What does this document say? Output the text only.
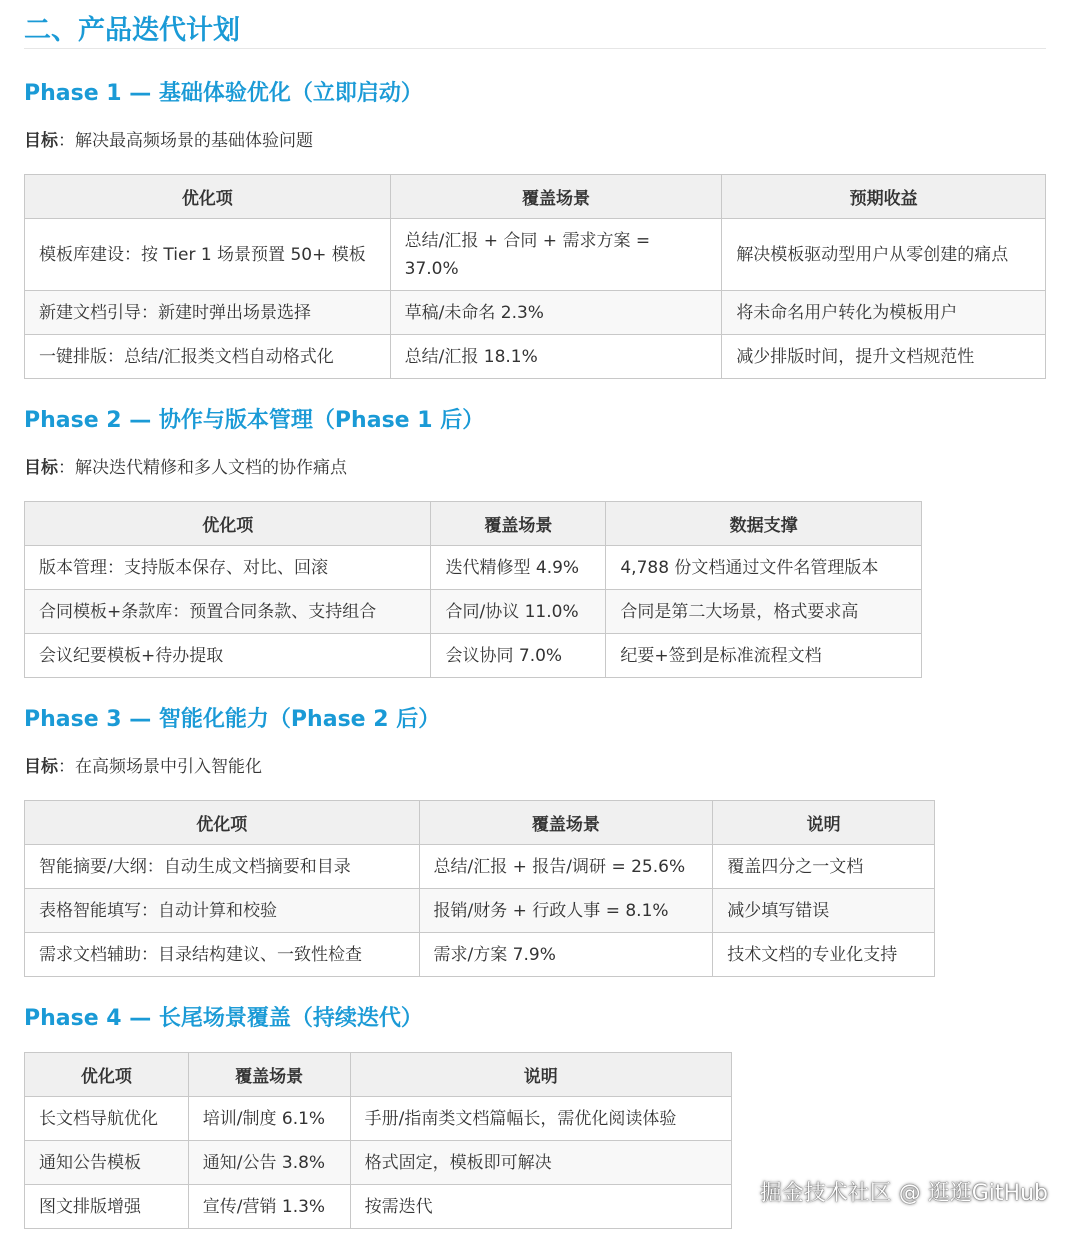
二、产品迭代计划
Phase 1 — 基础体验优化（立即启动）

目标：解决最高频场景的基础体验问题

优化项	覆盖场景	预期收益
模板库建设：按 Tier 1 场景预置 50+ 模板	总结/汇报 + 合同 + 需求方案 = 37.0%	解决模板驱动型用户从零创建的痛点
新建文档引导：新建时弹出场景选择	草稿/未命名 2.3%	将未命名用户转化为模板用户
一键排版：总结/汇报类文档自动格式化	总结/汇报 18.1%	减少排版时间，提升文档规范性
Phase 2 — 协作与版本管理（Phase 1 后）

目标：解决迭代精修和多人文档的协作痛点

优化项	覆盖场景	数据支撑
版本管理：支持版本保存、对比、回滚	迭代精修型 4.9%	4,788 份文档通过文件名管理版本
合同模板+条款库：预置合同条款、支持组合	合同/协议 11.0%	合同是第二大场景，格式要求高
会议纪要模板+待办提取	会议协同 7.0%	纪要+签到是标准流程文档
Phase 3 — 智能化能力（Phase 2 后）

目标：在高频场景中引入智能化

优化项	覆盖场景	说明
智能摘要/大纲：自动生成文档摘要和目录	总结/汇报 + 报告/调研 = 25.6%	覆盖四分之一文档
表格智能填写：自动计算和校验	报销/财务 + 行政人事 = 8.1%	减少填写错误
需求文档辅助：目录结构建议、一致性检查	需求/方案 7.9%	技术文档的专业化支持
Phase 4 — 长尾场景覆盖（持续迭代）
优化项	覆盖场景	说明
长文档导航优化	培训/制度 6.1%	手册/指南类文档篇幅长，需优化阅读体验
通知公告模板	通知/公告 3.8%	格式固定，模板即可解决
图文排版增强	宣传/营销 1.3%	按需迭代
掘金技术社区 @ 逛逛GitHub
